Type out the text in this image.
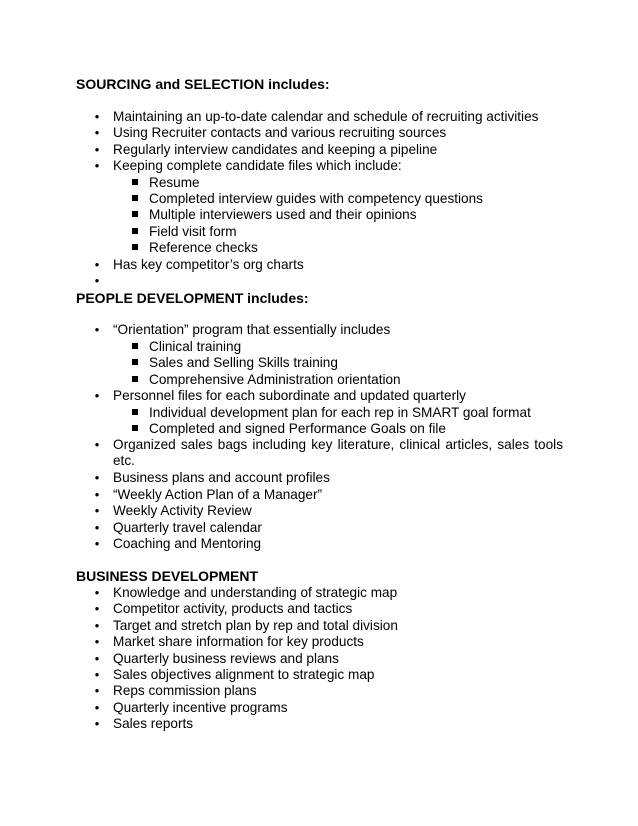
SOURCING and SELECTION includes:
• Maintaining an up-to-date calendar and schedule of recruiting activities
• Using Recruiter contacts and various recruiting sources
• Regularly interview candidates and keeping a pipeline
• Keeping complete candidate files which include:
Resume
Completed interview guides with competency questions
Multiple interviewers used and their opinions
Field visit form
Reference checks
• Has key competitor’s org charts
•
PEOPLE DEVELOPMENT includes:
• “Orientation” program that essentially includes
Clinical training
Sales and Selling Skills training
Comprehensive Administration orientation
• Personnel files for each subordinate and updated quarterly
Individual development plan for each rep in SMART goal format
Completed and signed Performance Goals on file
• Organized sales bags including key literature, clinical articles, sales tools etc.
• Business plans and account profiles
• “Weekly Action Plan of a Manager”
• Weekly Activity Review
• Quarterly travel calendar
• Coaching and Mentoring
BUSINESS DEVELOPMENT
• Knowledge and understanding of strategic map
• Competitor activity, products and tactics
• Target and stretch plan by rep and total division
• Market share information for key products
• Quarterly business reviews and plans
• Sales objectives alignment to strategic map
• Reps commission plans
• Quarterly incentive programs
• Sales reports
